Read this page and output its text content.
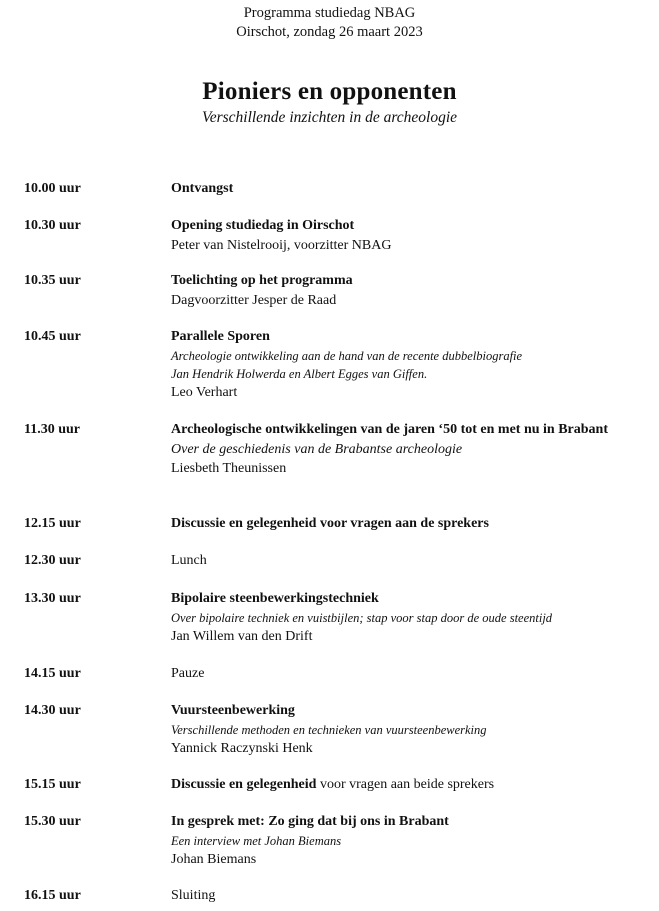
Programma studiedag NBAG
Oirschot, zondag 26 maart 2023
Pioniers en opponenten
Verschillende inzichten in de archeologie
10.00 uur	Ontvangst
10.30 uur	Opening studiedag in Oirschot
Peter van Nistelrooij, voorzitter NBAG
10.35 uur	Toelichting op het programma
Dagvoorzitter Jesper de Raad
10.45 uur	Parallele Sporen
Archeologie ontwikkeling aan de hand van de recente dubbelbiografie
Jan Hendrik Holwerda en Albert Egges van Giffen.
Leo Verhart
11.30 uur	Archeologische ontwikkelingen van de jaren ‘50 tot en met nu in Brabant
Over de geschiedenis van de Brabantse archeologie
Liesbeth Theunissen
12.15 uur	Discussie en gelegenheid voor vragen aan de sprekers
12.30 uur	Lunch
13.30 uur	Bipolaire steenbewerkingstechniek
Over bipolaire techniek en vuistbijlen; stap voor stap door de oude steentijd
Jan Willem van den Drift
14.15 uur	Pauze
14.30 uur	Vuursteenbewerking
Verschillende methoden en technieken van vuursteenbewerking
Yannick Raczynski Henk
15.15 uur	Discussie en gelegenheid voor vragen aan beide sprekers
15.30 uur	In gesprek met: Zo ging dat bij ons in Brabant
Een interview met Johan Biemans
Johan Biemans
16.15 uur	Sluiting
